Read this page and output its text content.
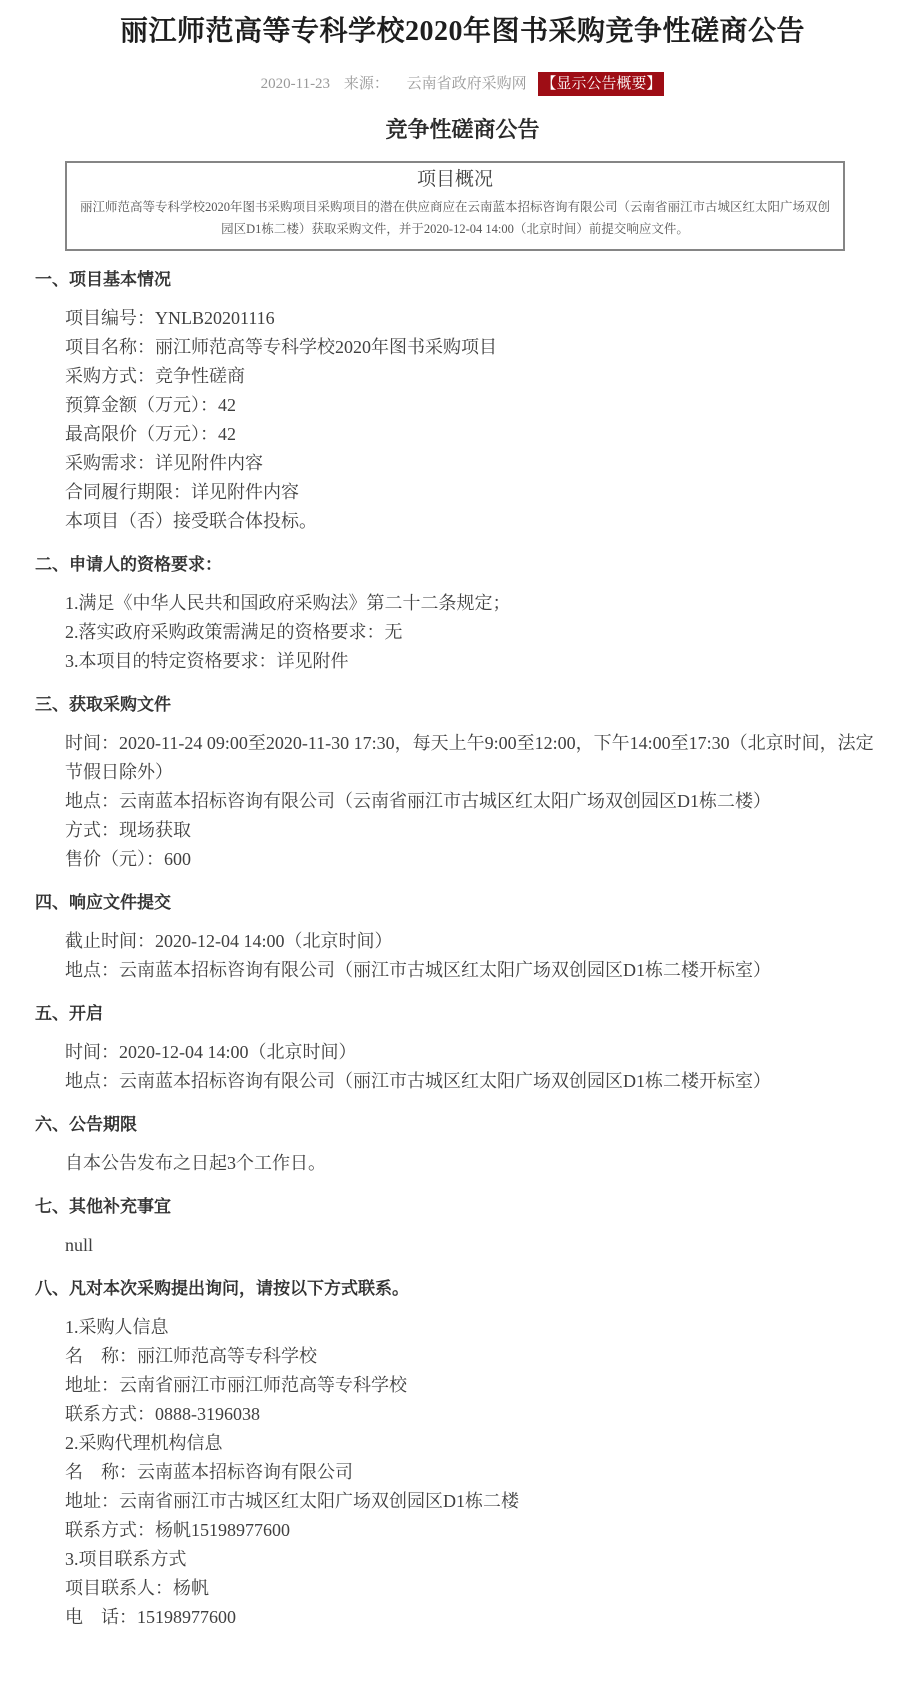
丽江师范高等专科学校2020年图书采购竞争性磋商公告
2020-11-23 来源： 云南省政府采购网 【显示公告概要】
竞争性磋商公告
项目概况
丽江师范高等专科学校2020年图书采购项目采购项目的潜在供应商应在云南蓝本招标咨询有限公司（云南省丽江市古城区红太阳广场双创园区D1栋二楼）获取采购文件，并于2020-12-04 14:00（北京时间）前提交响应文件。
一、项目基本情况
项目编号：YNLB20201116
项目名称：丽江师范高等专科学校2020年图书采购项目
采购方式：竞争性磋商
预算金额（万元）：42
最高限价（万元）：42
采购需求：详见附件内容
合同履行期限：详见附件内容
本项目（否）接受联合体投标。
二、申请人的资格要求：
1.满足《中华人民共和国政府采购法》第二十二条规定；
2.落实政府采购政策需满足的资格要求：无
3.本项目的特定资格要求：详见附件
三、获取采购文件
时间：2020-11-24 09:00至2020-11-30 17:30，每天上午9:00至12:00，下午14:00至17:30（北京时间，法定节假日除外）
地点：云南蓝本招标咨询有限公司（云南省丽江市古城区红太阳广场双创园区D1栋二楼）
方式：现场获取
售价（元）：600
四、响应文件提交
截止时间：2020-12-04 14:00（北京时间）
地点：云南蓝本招标咨询有限公司（丽江市古城区红太阳广场双创园区D1栋二楼开标室）
五、开启
时间：2020-12-04 14:00（北京时间）
地点：云南蓝本招标咨询有限公司（丽江市古城区红太阳广场双创园区D1栋二楼开标室）
六、公告期限
自本公告发布之日起3个工作日。
七、其他补充事宜
null
八、凡对本次采购提出询问，请按以下方式联系。
1.采购人信息
名　称：丽江师范高等专科学校
地址：云南省丽江市丽江师范高等专科学校
联系方式：0888-3196038
2.采购代理机构信息
名　称：云南蓝本招标咨询有限公司
地址：云南省丽江市古城区红太阳广场双创园区D1栋二楼
联系方式：杨帆15198977600
3.项目联系方式
项目联系人：杨帆
电　话：15198977600
